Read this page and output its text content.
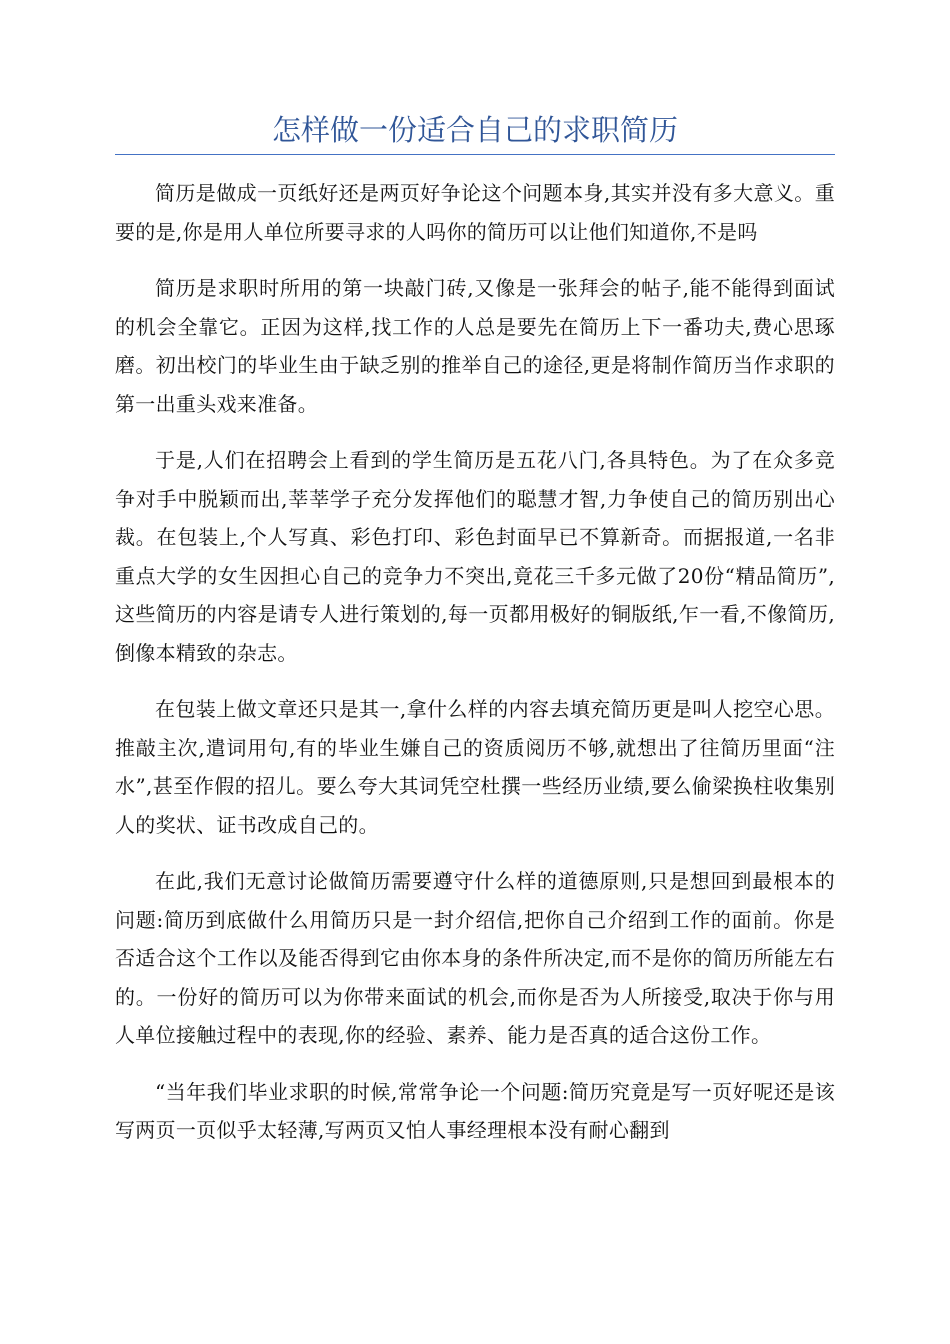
怎样做一份适合自己的求职简历

简历是做成一页纸好还是两页好争论这个问题本身,其实并没有多大意义。重要的是,你是用人单位所要寻求的人吗你的简历可以让他们知道你,不是吗

简历是求职时所用的第一块敲门砖,又像是一张拜会的帖子,能不能得到面试的机会全靠它。正因为这样,找工作的人总是要先在简历上下一番功夫,费心思琢磨。初出校门的毕业生由于缺乏别的推举自己的途径,更是将制作简历当作求职的第一出重头戏来准备。

于是,人们在招聘会上看到的学生简历是五花八门,各具特色。为了在众多竞争对手中脱颖而出,莘莘学子充分发挥他们的聪慧才智,力争使自己的简历别出心裁。在包装上,个人写真、彩色打印、彩色封面早已不算新奇。而据报道,一名非重点大学的女生因担心自己的竞争力不突出,竟花三千多元做了20份“精品简历”,这些简历的内容是请专人进行策划的,每一页都用极好的铜版纸,乍一看,不像简历,倒像本精致的杂志。

在包装上做文章还只是其一,拿什么样的内容去填充简历更是叫人挖空心思。推敲主次,遣词用句,有的毕业生嫌自己的资质阅历不够,就想出了往简历里面“注水”,甚至作假的招儿。要么夸大其词凭空杜撰一些经历业绩,要么偷梁换柱收集别人的奖状、证书改成自己的。

在此,我们无意讨论做简历需要遵守什么样的道德原则,只是想回到最根本的问题:简历到底做什么用简历只是一封介绍信,把你自己介绍到工作的面前。你是否适合这个工作以及能否得到它由你本身的条件所决定,而不是你的简历所能左右的。一份好的简历可以为你带来面试的机会,而你是否为人所接受,取决于你与用人单位接触过程中的表现,你的经验、素养、能力是否真的适合这份工作。

“当年我们毕业求职的时候,常常争论一个问题:简历究竟是写一页好呢还是该写两页一页似乎太轻薄,写两页又怕人事经理根本没有耐心翻到
